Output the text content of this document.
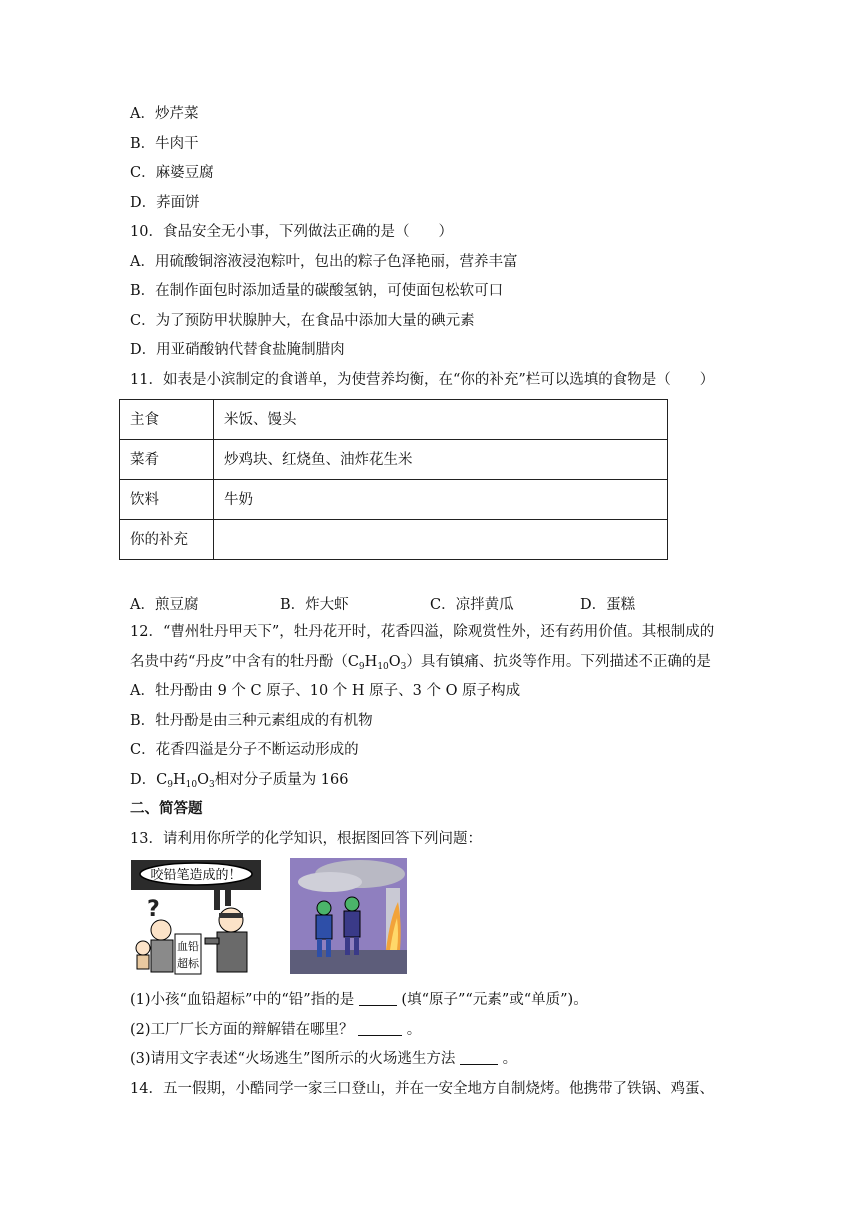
A．炒芹菜
B．牛肉干
C．麻婆豆腐
D．荞面饼
10．食品安全无小事，下列做法正确的是（　　）
A．用硫酸铜溶液浸泡粽叶，包出的粽子色泽艳丽，营养丰富
B．在制作面包时添加适量的碳酸氢钠，可使面包松软可口
C．为了预防甲状腺肿大，在食品中添加大量的碘元素
D．用亚硝酸钠代替食盐腌制腊肉
11．如表是小滨制定的食谱单，为使营养均衡，在“你的补充”栏可以选填的食物是（　　）
主食	米饭、馒头
菜肴	炒鸡块、红烧鱼、油炸花生米
饮料	牛奶
你的补充	
A．煎豆腐	B．炸大虾	C．凉拌黄瓜	D．蛋糕
12．“曹州牡丹甲天下”，牡丹花开时，花香四溢，除观赏性外，还有药用价值。其根制成的
名贵中药“丹皮”中含有的牡丹酚$(C_9H_{10}O_3)$具有镇痛、抗炎等作用。下列描述不正确的是
A．牡丹酚由 9 个 C 原子、10 个 H 原子、3 个 O 原子构成
B．牡丹酚是由三种元素组成的有机物
C．花香四溢是分子不断运动形成的
D．$C_9H_{10}O_3$相对分子质量为 166
二、简答题
13．请利用你所学的化学知识，根据图回答下列问题：
咬铅笔造成的！
?
血铅
超标
(1)小孩“血铅超标”中的“铅”指的是	(填“原子”“元素”或“单质”)。
(2)工厂厂长方面的辩解错在哪里？	。
(3)请用文字表述“火场逃生”图所示的火场逃生方法	。
14．五一假期，小酷同学一家三口登山，并在一安全地方自制烧烤。他携带了铁锅、鸡蛋、
